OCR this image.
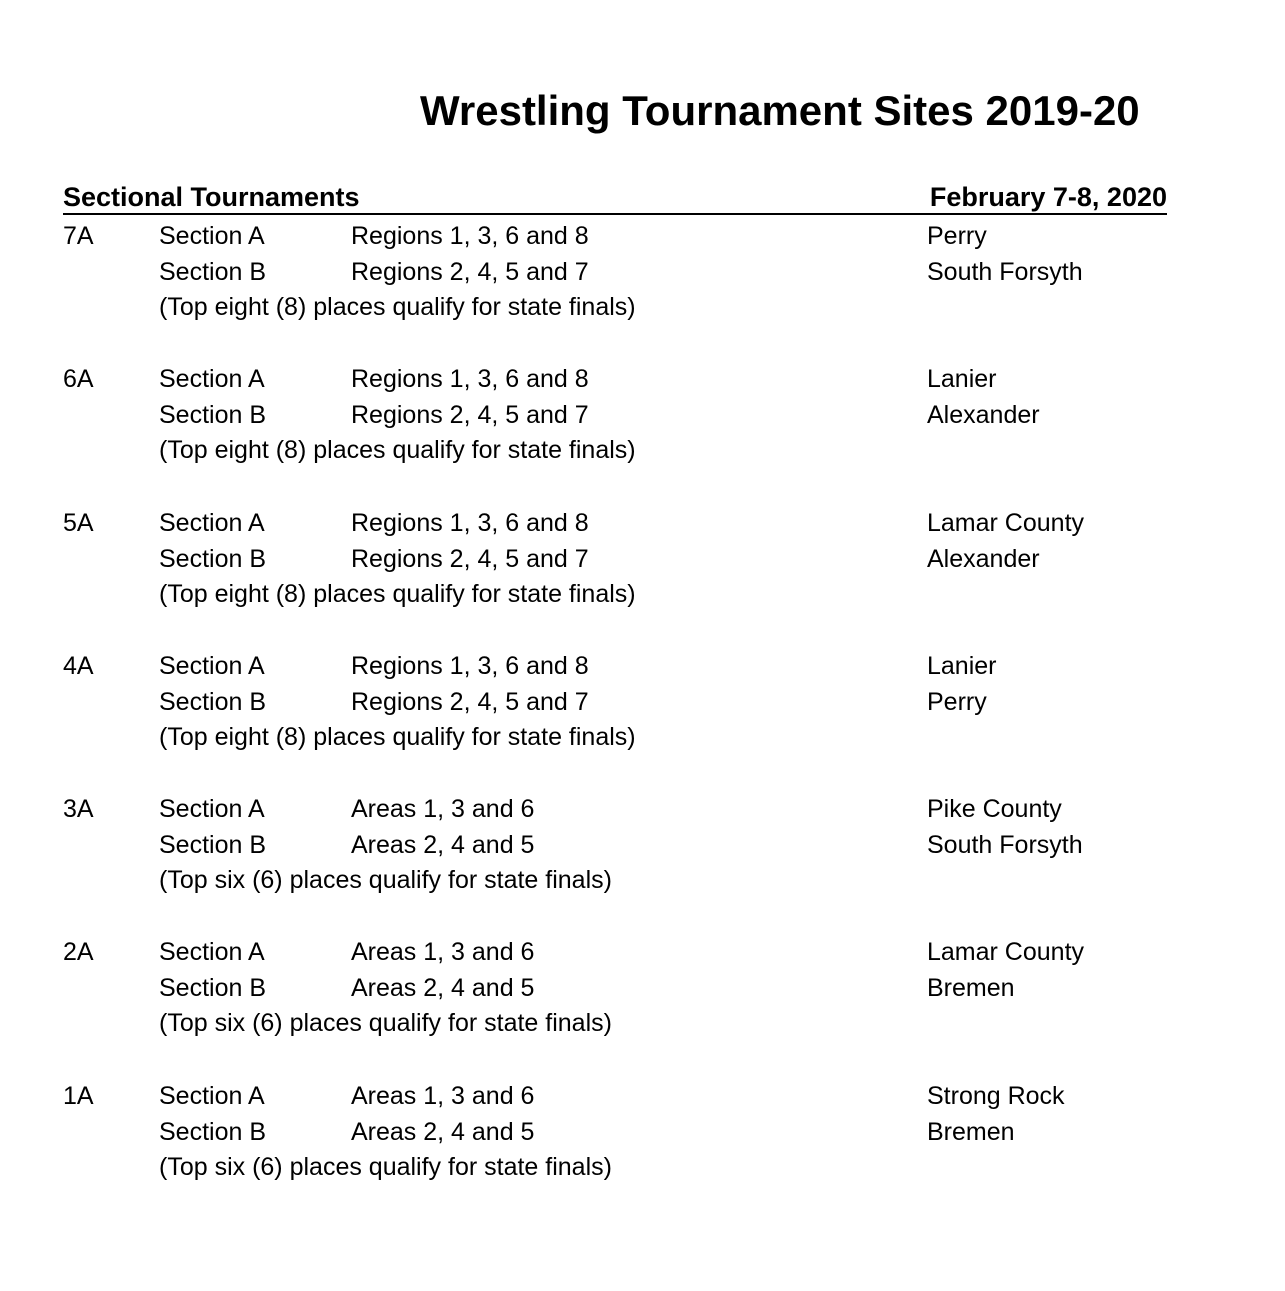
Wrestling Tournament Sites 2019-20
Sectional Tournaments	February 7-8, 2020
7A	Section A	Regions 1, 3, 6 and 8	Perry
Section B	Regions 2, 4, 5 and 7	South Forsyth
(Top eight (8) places qualify for state finals)
6A	Section A	Regions 1, 3, 6 and 8	Lanier
Section B	Regions 2, 4, 5 and 7	Alexander
(Top eight (8) places qualify for state finals)
5A	Section A	Regions 1, 3, 6 and 8	Lamar County
Section B	Regions 2, 4, 5 and 7	Alexander
(Top eight (8) places qualify for state finals)
4A	Section A	Regions 1, 3, 6 and 8	Lanier
Section B	Regions 2, 4, 5 and 7	Perry
(Top eight (8) places qualify for state finals)
3A	Section A	Areas 1, 3 and 6	Pike County
Section B	Areas 2, 4 and 5	South Forsyth
(Top six (6) places qualify for state finals)
2A	Section A	Areas 1, 3 and 6	Lamar County
Section B	Areas 2, 4 and 5	Bremen
(Top six (6) places qualify for state finals)
1A	Section A	Areas 1, 3 and 6	Strong Rock
Section B	Areas 2, 4 and 5	Bremen
(Top six (6) places qualify for state finals)
